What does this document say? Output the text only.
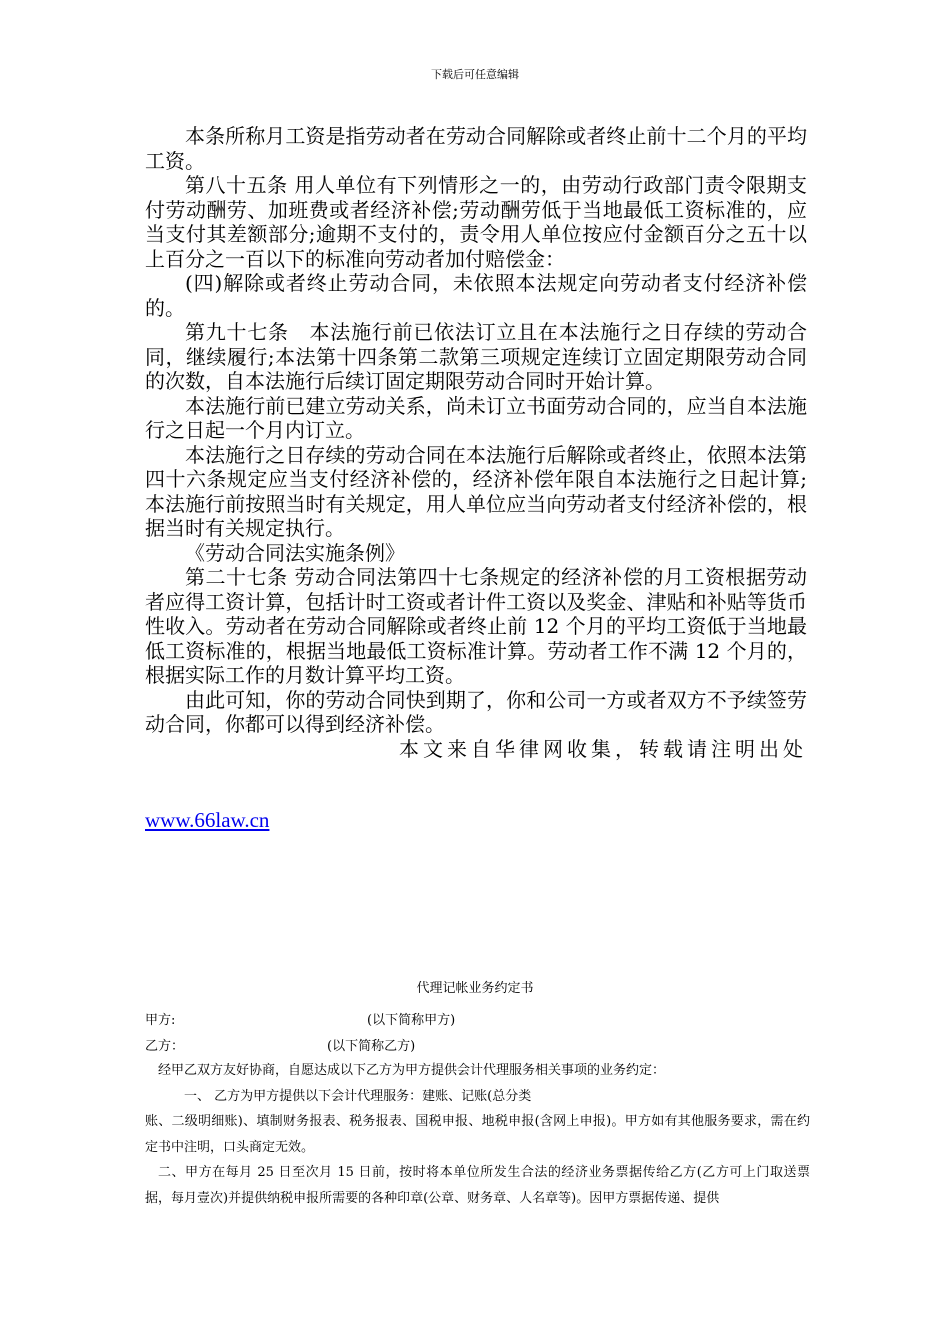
下载后可任意编辑

本条所称月工资是指劳动者在劳动合同解除或者终止前十二个月的平均工资。

第八十五条 用人单位有下列情形之一的，由劳动行政部门责令限期支付劳动酬劳、加班费或者经济补偿;劳动酬劳低于当地最低工资标准的，应当支付其差额部分;逾期不支付的，责令用人单位按应付金额百分之五十以上百分之一百以下的标准向劳动者加付赔偿金：

(四)解除或者终止劳动合同，未依照本法规定向劳动者支付经济补偿的。

第九十七条　本法施行前已依法订立且在本法施行之日存续的劳动合同，继续履行;本法第十四条第二款第三项规定连续订立固定期限劳动合同的次数，自本法施行后续订固定期限劳动合同时开始计算。

本法施行前已建立劳动关系，尚未订立书面劳动合同的，应当自本法施行之日起一个月内订立。

本法施行之日存续的劳动合同在本法施行后解除或者终止，依照本法第四十六条规定应当支付经济补偿的，经济补偿年限自本法施行之日起计算;本法施行前按照当时有关规定，用人单位应当向劳动者支付经济补偿的，根据当时有关规定执行。

《劳动合同法实施条例》

第二十七条 劳动合同法第四十七条规定的经济补偿的月工资根据劳动者应得工资计算，包括计时工资或者计件工资以及奖金、津贴和补贴等货币性收入。劳动者在劳动合同解除或者终止前 12 个月的平均工资低于当地最低工资标准的，根据当地最低工资标准计算。劳动者工作不满 12 个月的，根据实际工作的月数计算平均工资。

由此可知，你的劳动合同快到期了，你和公司一方或者双方不予续签劳动合同，你都可以得到经济补偿。

本文来自华律网收集，转载请注明出处

www.66law.cn
代理记帐业务约定书
甲方:	(以下简称甲方)
乙方：	(以下简称乙方)

经甲乙双方友好协商，自愿达成以下乙方为甲方提供会计代理服务相关事项的业务约定：

一、 乙方为甲方提供以下会计代理服务：建账、记账(总分类

账、二级明细账)、填制财务报表、税务报表、国税申报、地税申报(含网上申报)。甲方如有其他服务要求，需在约定书中注明，口头商定无效。

二、甲方在每月 25 日至次月 15 日前，按时将本单位所发生合法的经济业务票据传给乙方(乙方可上门取送票据，每月壹次)并提供纳税申报所需要的各种印章(公章、财务章、人名章等)。因甲方票据传递、提供
